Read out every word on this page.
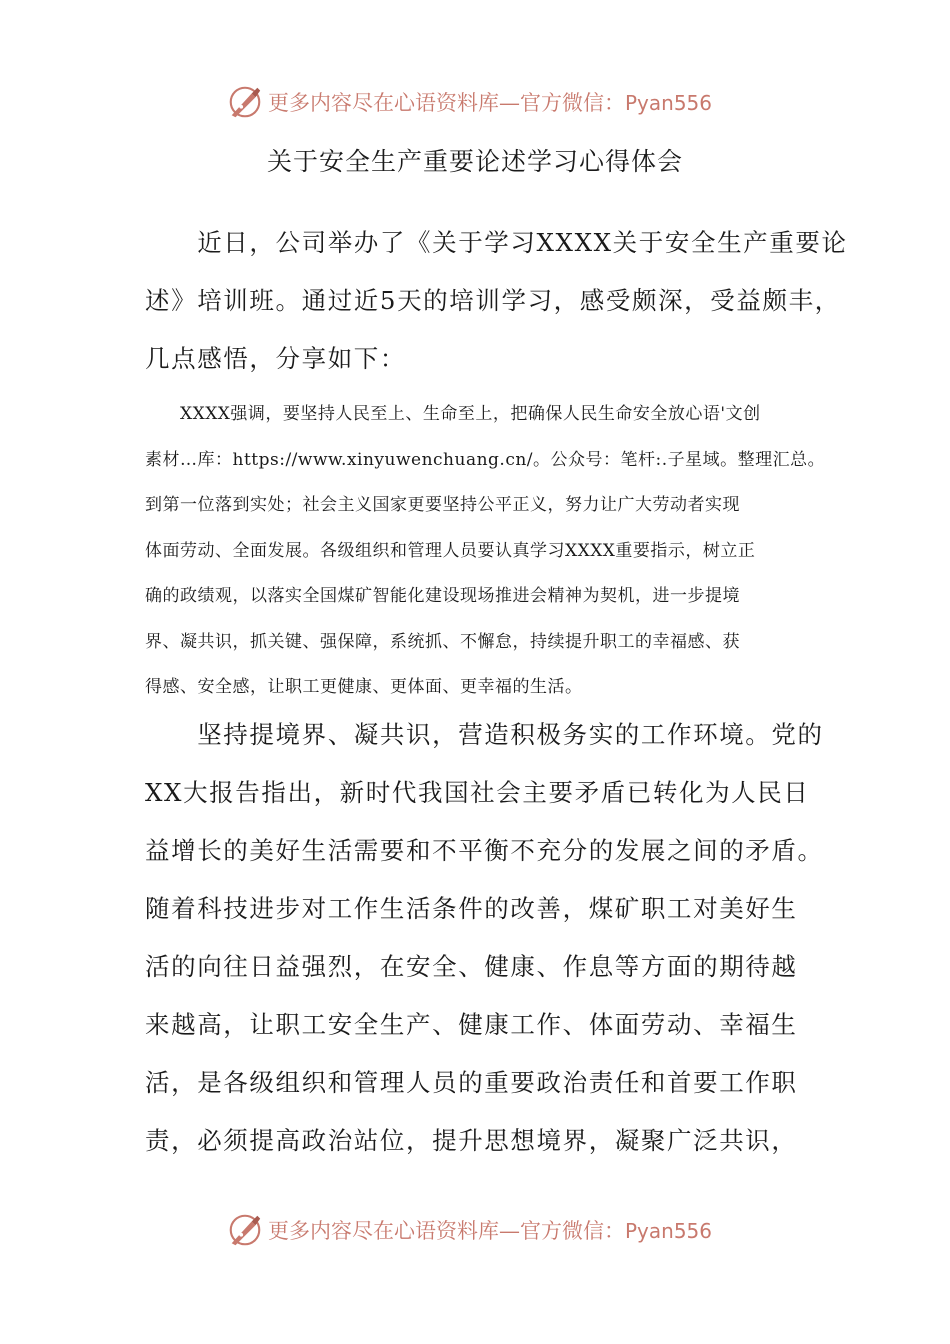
更多内容尽在心语资料库—官方微信：Pyan556
关于安全生产重要论述学习心得体会
　　近日，公司举办了《关于学习XXXX关于安全生产重要论
述》培训班。通过近5天的培训学习，感受颇深，受益颇丰，
几点感悟，分享如下：
　　XXXX强调，要坚持人民至上、生命至上，把确保人民生命安全放心语'文创
素材…库：https://www.xinyuwenchuang.cn/。公众号：笔杆:.子星域。整理汇总。
到第一位落到实处；社会主义国家更要坚持公平正义，努力让广大劳动者实现
体面劳动、全面发展。各级组织和管理人员要认真学习XXXX重要指示，树立正
确的政绩观，以落实全国煤矿智能化建设现场推进会精神为契机，进一步提境
界、凝共识，抓关键、强保障，系统抓、不懈怠，持续提升职工的幸福感、获
得感、安全感，让职工更健康、更体面、更幸福的生活。
　　坚持提境界、凝共识，营造积极务实的工作环境。党的
XX大报告指出，新时代我国社会主要矛盾已转化为人民日
益增长的美好生活需要和不平衡不充分的发展之间的矛盾。
随着科技进步对工作生活条件的改善，煤矿职工对美好生
活的向往日益强烈，在安全、健康、作息等方面的期待越
来越高，让职工安全生产、健康工作、体面劳动、幸福生
活，是各级组织和管理人员的重要政治责任和首要工作职
责，必须提高政治站位，提升思想境界，凝聚广泛共识，
更多内容尽在心语资料库—官方微信：Pyan556
